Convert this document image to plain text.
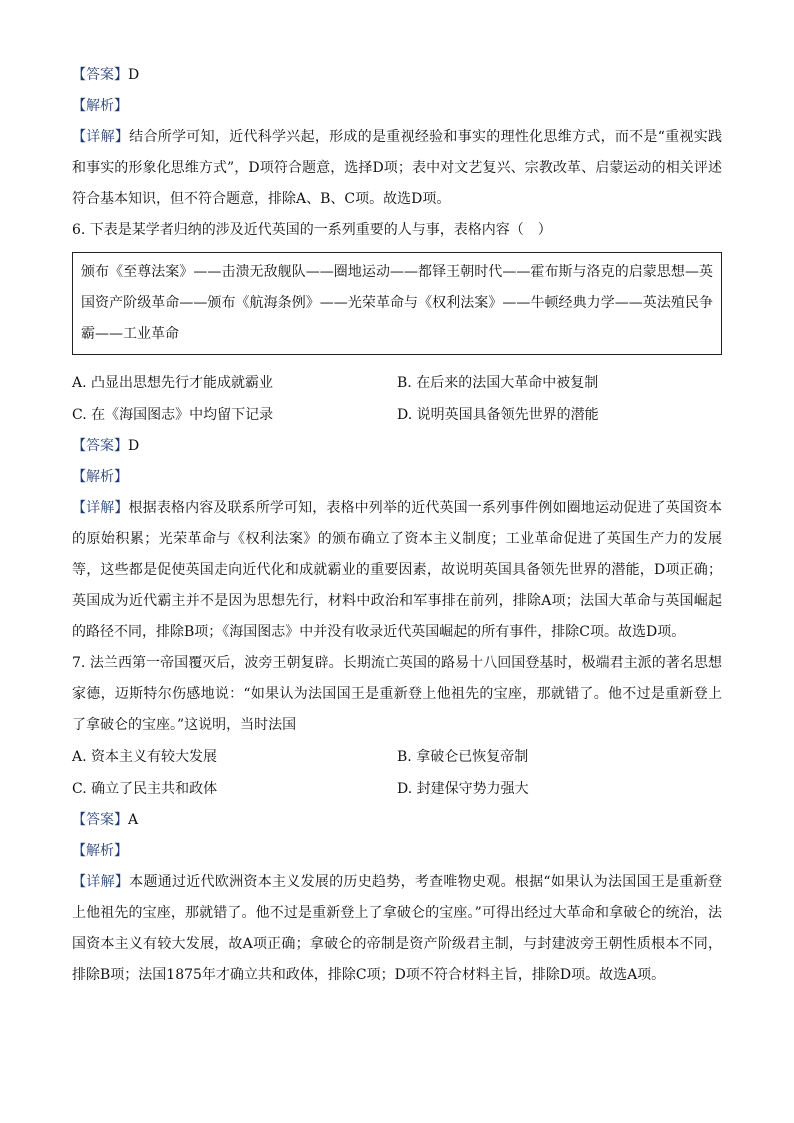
【答案】D
【解析】
【详解】结合所学可知，近代科学兴起，形成的是重视经验和事实的理性化思维方式，而不是“重视实践和事实的形象化思维方式”，D项符合题意，选择D项；表中对文艺复兴、宗教改革、启蒙运动的相关评述符合基本知识，但不符合题意，排除A、B、C项。故选D项。
6. 下表是某学者归纳的涉及近代英国的一系列重要的人与事，表格内容（　）
颁布《至尊法案》——击溃无敌舰队——圈地运动——都铎王朝时代——霍布斯与洛克的启蒙思想—英国资产阶级革命——颁布《航海条例》——光荣革命与《权利法案》——牛顿经典力学——英法殖民争霸——工业革命
A. 凸显出思想先行才能成就霸业	B. 在后来的法国大革命中被复制
C. 在《海国图志》中均留下记录	D. 说明英国具备领先世界的潜能
【答案】D
【解析】
【详解】根据表格内容及联系所学可知，表格中列举的近代英国一系列事件例如圈地运动促进了英国资本的原始积累；光荣革命与《权利法案》的颁布确立了资本主义制度；工业革命促进了英国生产力的发展等，这些都是促使英国走向近代化和成就霸业的重要因素，故说明英国具备领先世界的潜能，D项正确；英国成为近代霸主并不是因为思想先行，材料中政治和军事排在前列，排除A项；法国大革命与英国崛起的路径不同，排除B项；《海国图志》中并没有收录近代英国崛起的所有事件，排除C项。故选D项。
7. 法兰西第一帝国覆灭后，波旁王朝复辟。长期流亡英国的路易十八回国登基时，极端君主派的著名思想家德，迈斯特尔伤感地说：“如果认为法国国王是重新登上他祖先的宝座，那就错了。他不过是重新登上了拿破仑的宝座。”这说明，当时法国
A. 资本主义有较大发展	B. 拿破仑已恢复帝制
C. 确立了民主共和政体	D. 封建保守势力强大
【答案】A
【解析】
【详解】本题通过近代欧洲资本主义发展的历史趋势，考查唯物史观。根据“如果认为法国国王是重新登上他祖先的宝座，那就错了。他不过是重新登上了拿破仑的宝座。”可得出经过大革命和拿破仑的统治，法国资本主义有较大发展，故A项正确；拿破仑的帝制是资产阶级君主制，与封建波旁王朝性质根本不同，排除B项；法国1875年才确立共和政体，排除C项；D项不符合材料主旨，排除D项。故选A项。
